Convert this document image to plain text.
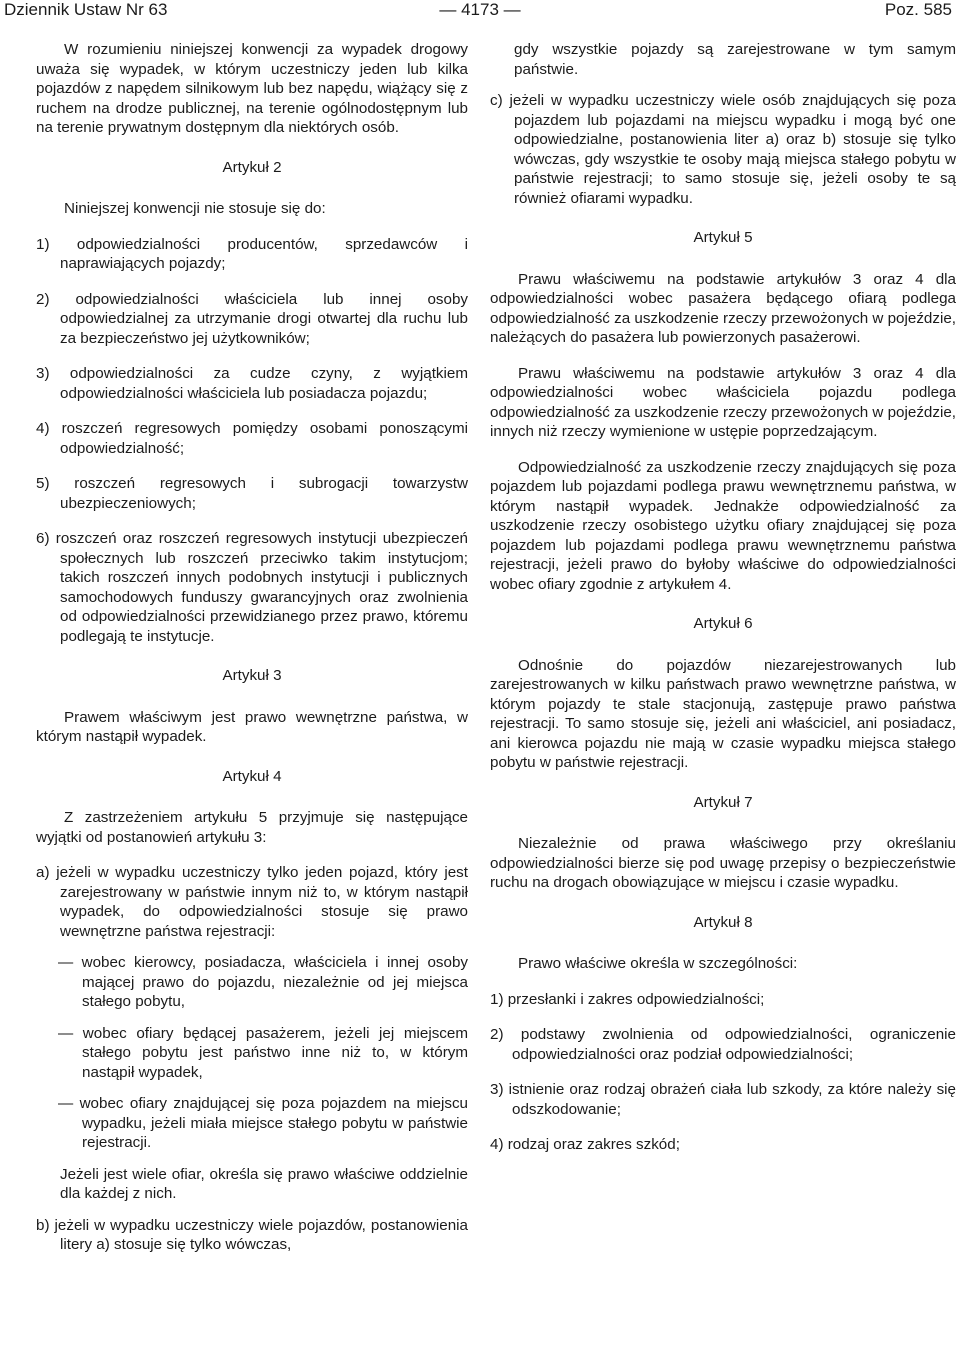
Dziennik Ustaw Nr 63	— 4173 —	Poz. 585

W rozumieniu niniejszej konwencji za wypadek drogowy uważa się wypadek, w którym uczestniczy jeden lub kilka pojazdów z napędem silnikowym lub bez napędu, wiążący się z ruchem na drodze publicznej, na terenie ogólnodostępnym lub na terenie prywatnym dostępnym dla niektórych osób.

Artykuł 2

Niniejszej konwencji nie stosuje się do:

1) odpowiedzialności producentów, sprzedawców i naprawiających pojazdy;

2) odpowiedzialności właściciela lub innej osoby odpowiedzialnej za utrzymanie drogi otwartej dla ruchu lub za bezpieczeństwo jej użytkowników;

3) odpowiedzialności za cudze czyny, z wyjątkiem odpowiedzialności właściciela lub posiadacza pojazdu;

4) roszczeń regresowych pomiędzy osobami ponoszącymi odpowiedzialność;

5) roszczeń regresowych i subrogacji towarzystw ubezpieczeniowych;

6) roszczeń oraz roszczeń regresowych instytucji ubezpieczeń społecznych lub roszczeń przeciwko takim instytucjom; takich roszczeń innych podobnych instytucji i publicznych samochodowych funduszy gwarancyjnych oraz zwolnienia od odpowiedzialności przewidzianego przez prawo, któremu podlegają te instytucje.

Artykuł 3

Prawem właściwym jest prawo wewnętrzne państwa, w którym nastąpił wypadek.

Artykuł 4

Z zastrzeżeniem artykułu 5 przyjmuje się następujące wyjątki od postanowień artykułu 3:

a) jeżeli w wypadku uczestniczy tylko jeden pojazd, który jest zarejestrowany w państwie innym niż to, w którym nastąpił wypadek, do odpowiedzialności stosuje się prawo wewnętrzne państwa rejestracji:

— wobec kierowcy, posiadacza, właściciela i innej osoby mającej prawo do pojazdu, niezależnie od jej miejsca stałego pobytu,

— wobec ofiary będącej pasażerem, jeżeli jej miejscem stałego pobytu jest państwo inne niż to, w którym nastąpił wypadek,

— wobec ofiary znajdującej się poza pojazdem na miejscu wypadku, jeżeli miała miejsce stałego pobytu w państwie rejestracji.

Jeżeli jest wiele ofiar, określa się prawo właściwe oddzielnie dla każdej z nich.

b) jeżeli w wypadku uczestniczy wiele pojazdów, postanowienia litery a) stosuje się tylko wówczas,

gdy wszystkie pojazdy są zarejestrowane w tym samym państwie.

c) jeżeli w wypadku uczestniczy wiele osób znajdujących się poza pojazdem lub pojazdami na miejscu wypadku i mogą być one odpowiedzialne, postanowienia liter a) oraz b) stosuje się tylko wówczas, gdy wszystkie te osoby mają miejsca stałego pobytu w państwie rejestracji; to samo stosuje się, jeżeli osoby te są również ofiarami wypadku.

Artykuł 5

Prawu właściwemu na podstawie artykułów 3 oraz 4 dla odpowiedzialności wobec pasażera będącego ofiarą podlega odpowiedzialność za uszkodzenie rzeczy przewożonych w pojeździe, należących do pasażera lub powierzonych pasażerowi.

Prawu właściwemu na podstawie artykułów 3 oraz 4 dla odpowiedzialności wobec właściciela pojazdu podlega odpowiedzialność za uszkodzenie rzeczy przewożonych w pojeździe, innych niż rzeczy wymienione w ustępie poprzedzającym.

Odpowiedzialność za uszkodzenie rzeczy znajdujących się poza pojazdem lub pojazdami podlega prawu wewnętrznemu państwa, w którym nastąpił wypadek. Jednakże odpowiedzialność za uszkodzenie rzeczy osobistego użytku ofiary znajdującej się poza pojazdem lub pojazdami podlega prawu wewnętrznemu państwa rejestracji, jeżeli prawo do byłoby właściwe do odpowiedzialności wobec ofiary zgodnie z artykułem 4.

Artykuł 6

Odnośnie do pojazdów niezarejestrowanych lub zarejestrowanych w kilku państwach prawo wewnętrzne państwa, w którym pojazdy te stale stacjonują, zastępuje prawo państwa rejestracji. To samo stosuje się, jeżeli ani właściciel, ani posiadacz, ani kierowca pojazdu nie mają w czasie wypadku miejsca stałego pobytu w państwie rejestracji.

Artykuł 7

Niezależnie od prawa właściwego przy określaniu odpowiedzialności bierze się pod uwagę przepisy o bezpieczeństwie ruchu na drogach obowiązujące w miejscu i czasie wypadku.

Artykuł 8

Prawo właściwe określa w szczególności:

1) przesłanki i zakres odpowiedzialności;

2) podstawy zwolnienia od odpowiedzialności, ograniczenie odpowiedzialności oraz podział odpowiedzialności;

3) istnienie oraz rodzaj obrażeń ciała lub szkody, za które należy się odszkodowanie;

4) rodzaj oraz zakres szkód;
